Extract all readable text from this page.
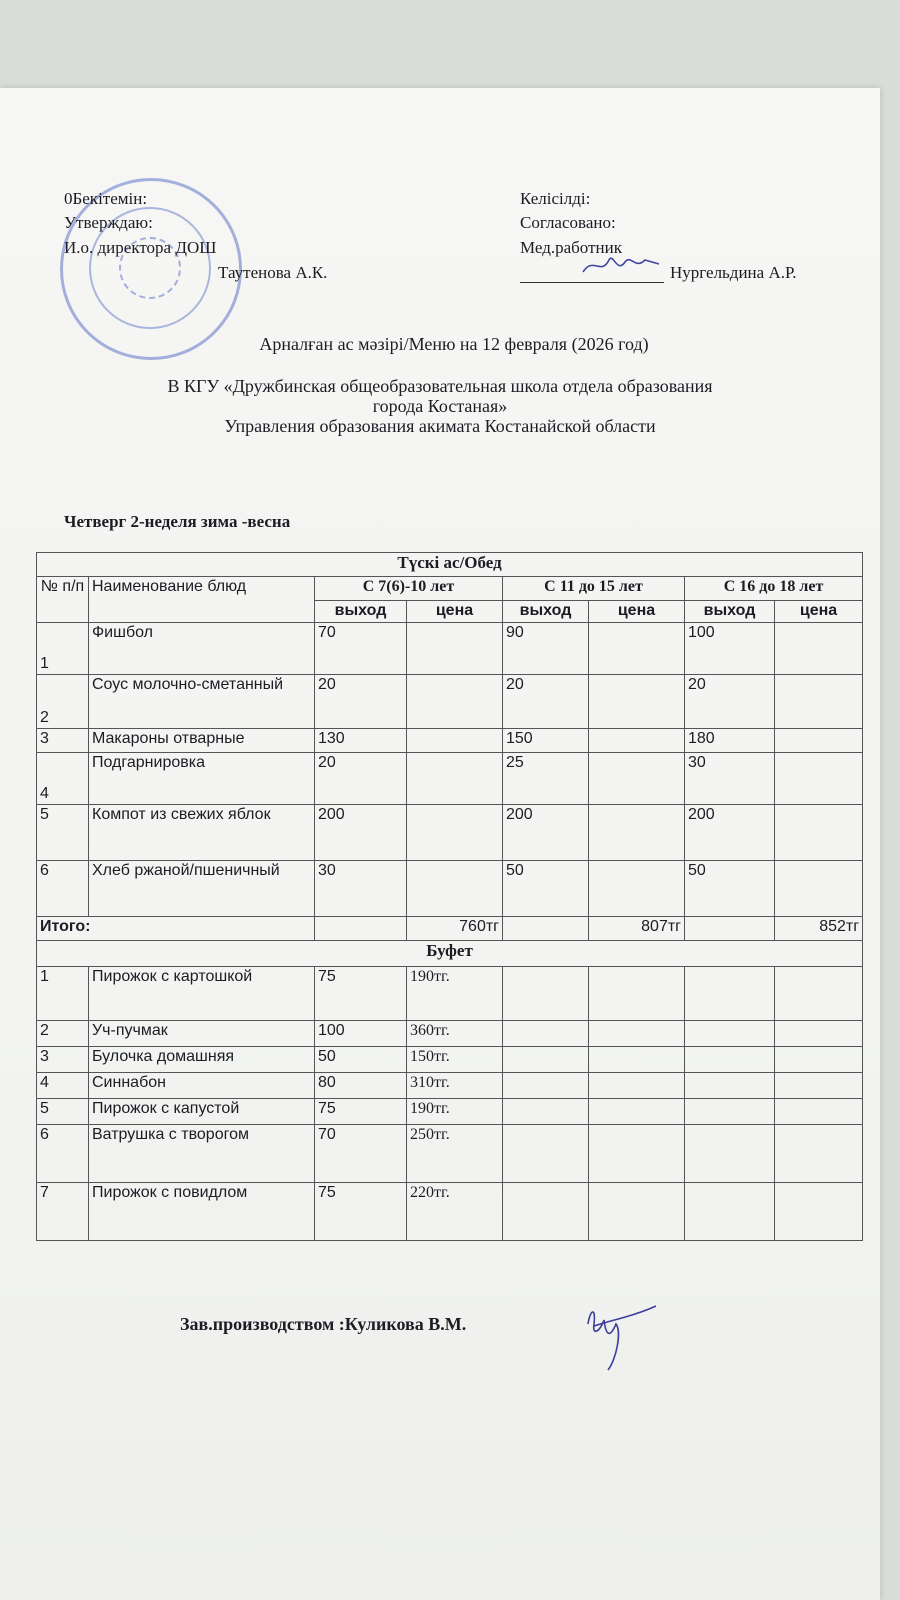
0Бекітемін:
Утверждаю:
И.о. директора ДОШ
Таутенова А.К.
Келісілді:
Согласовано:
Мед.работник
Нургельдина А.Р.
Арналған ас мәзірі/Меню на 12 февраля (2026 год)
В КГУ «Дружбинская общеобразовательная школа отдела образования
города Костаная»
Управления образования акимата Костанайской области
Четверг 2-неделя зима -весна
Түскі ас/Обед							
№ п/п	Наименование блюд	С 7(6)-10 лет		С 11 до 15 лет		С 16 до 18 лет	
		выход	цена	выход	цена	выход	цена
1	Фишбол	70		90		100	
2	Соус молочно-сметанный	20		20		20	
3	Макароны отварные	130		150		180	
4	Подгарнировка	20		25		30	
5	Компот из свежих яблок	200		200		200	
6	Хлеб ржаной/пшеничный	30		50		50	
Итого:			760тг		807тг		852тг
Буфет							
1	Пирожок с картошкой	75	190тг.				
2	Уч-пучмак	100	360тг.				
3	Булочка домашняя	50	150тг.				
4	Синнабон	80	310тг.				
5	Пирожок с капустой	75	190тг.				
6	Ватрушка с творогом	70	250тг.				
7	Пирожок с повидлом	75	220тг.				
Зав.производством :Куликова В.М.
